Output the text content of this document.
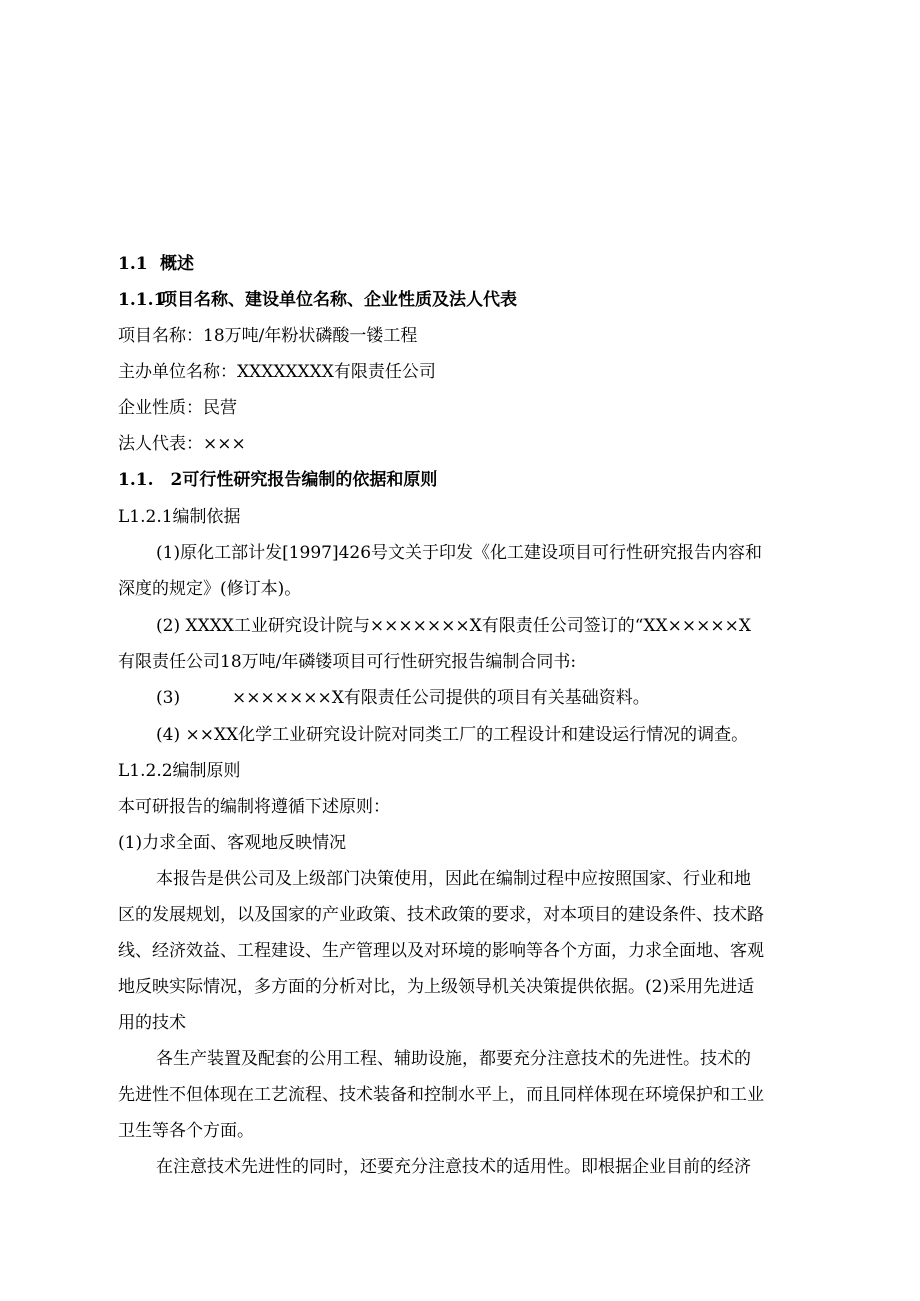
1.1 概述
1.1.1项目名称、建设单位名称、企业性质及法人代表
项目名称：18万吨/年粉状磷酸一镂工程
主办单位名称：XXXXXXXX有限责任公司
企业性质：民营
法人代表：×××
1.1.　2可行性研究报告编制的依据和原则
L1.2.1编制依据
(1)原化工部计发[1997]426号文关于印发《化工建设项目可行性研究报告内容和
深度的规定》(修订本)。
(2) XXXX工业研究设计院与×××××××X有限责任公司签订的“XX×××××X
有限责任公司18万吨/年磷镂项目可行性研究报告编制合同书:
(3)	×××××××X有限责任公司提供的项目有关基础资料。
(4) ××XX化学工业研究设计院对同类工厂的工程设计和建设运行情况的调查。
L1.2.2编制原则
本可研报告的编制将遵循下述原则：
(1)力求全面、客观地反映情况
本报告是供公司及上级部门决策使用，因此在编制过程中应按照国家、行业和地
区的发展规划，以及国家的产业政策、技术政策的要求，对本项目的建设条件、技术路
线、经济效益、工程建设、生产管理以及对环境的影响等各个方面，力求全面地、客观
地反映实际情况，多方面的分析对比，为上级领导机关决策提供依据。(2)采用先进适
用的技术
各生产装置及配套的公用工程、辅助设施，都要充分注意技术的先进性。技术的
先进性不但体现在工艺流程、技术装备和控制水平上，而且同样体现在环境保护和工业
卫生等各个方面。
在注意技术先进性的同时，还要充分注意技术的适用性。即根据企业目前的经济
